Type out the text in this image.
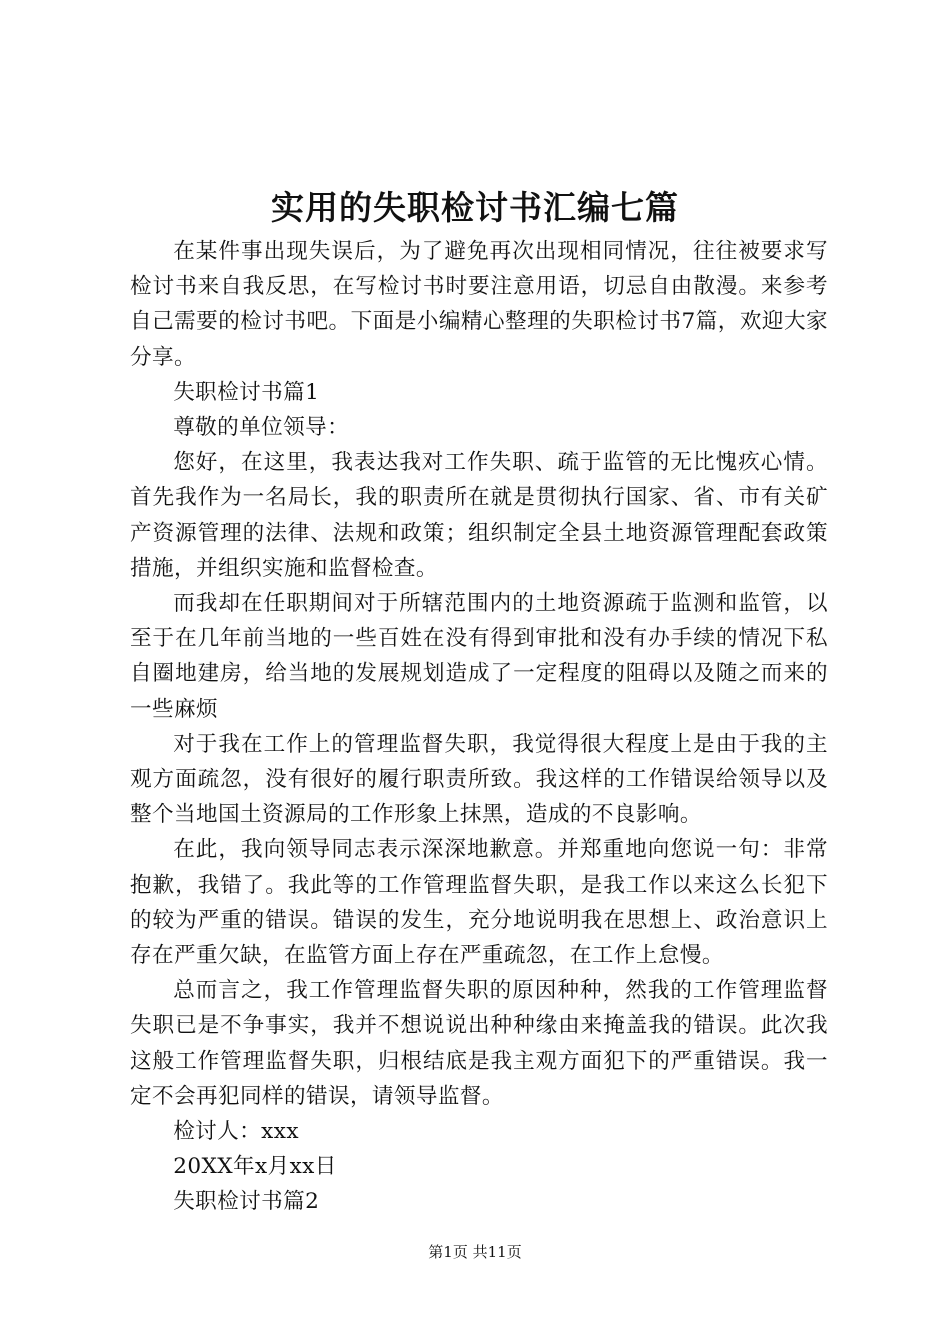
实用的失职检讨书汇编七篇

在某件事出现失误后，为了避免再次出现相同情况，往往被要求写检讨书来自我反思，在写检讨书时要注意用语，切忌自由散漫。来参考自己需要的检讨书吧。下面是小编精心整理的失职检讨书7篇，欢迎大家分享。

失职检讨书篇1

尊敬的单位领导：

您好，在这里，我表达我对工作失职、疏于监管的无比愧疚心情。首先我作为一名局长，我的职责所在就是贯彻执行国家、省、市有关矿产资源管理的法律、法规和政策；组织制定全县土地资源管理配套政策措施，并组织实施和监督检查。

而我却在任职期间对于所辖范围内的土地资源疏于监测和监管，以至于在几年前当地的一些百姓在没有得到审批和没有办手续的情况下私自圈地建房，给当地的发展规划造成了一定程度的阻碍以及随之而来的一些麻烦

对于我在工作上的管理监督失职，我觉得很大程度上是由于我的主观方面疏忽，没有很好的履行职责所致。我这样的工作错误给领导以及整个当地国土资源局的工作形象上抹黑，造成的不良影响。

在此，我向领导同志表示深深地歉意。并郑重地向您说一句：非常抱歉，我错了。我此等的工作管理监督失职，是我工作以来这么长犯下的较为严重的错误。错误的发生，充分地说明我在思想上、政治意识上存在严重欠缺，在监管方面上存在严重疏忽，在工作上怠慢。

总而言之，我工作管理监督失职的原因种种，然我的工作管理监督失职已是不争事实，我并不想说说出种种缘由来掩盖我的错误。此次我这般工作管理监督失职，归根结底是我主观方面犯下的严重错误。我一定不会再犯同样的错误，请领导监督。

检讨人：xxx

20XX年x月xx日

失职检讨书篇2

第1页 共11页
